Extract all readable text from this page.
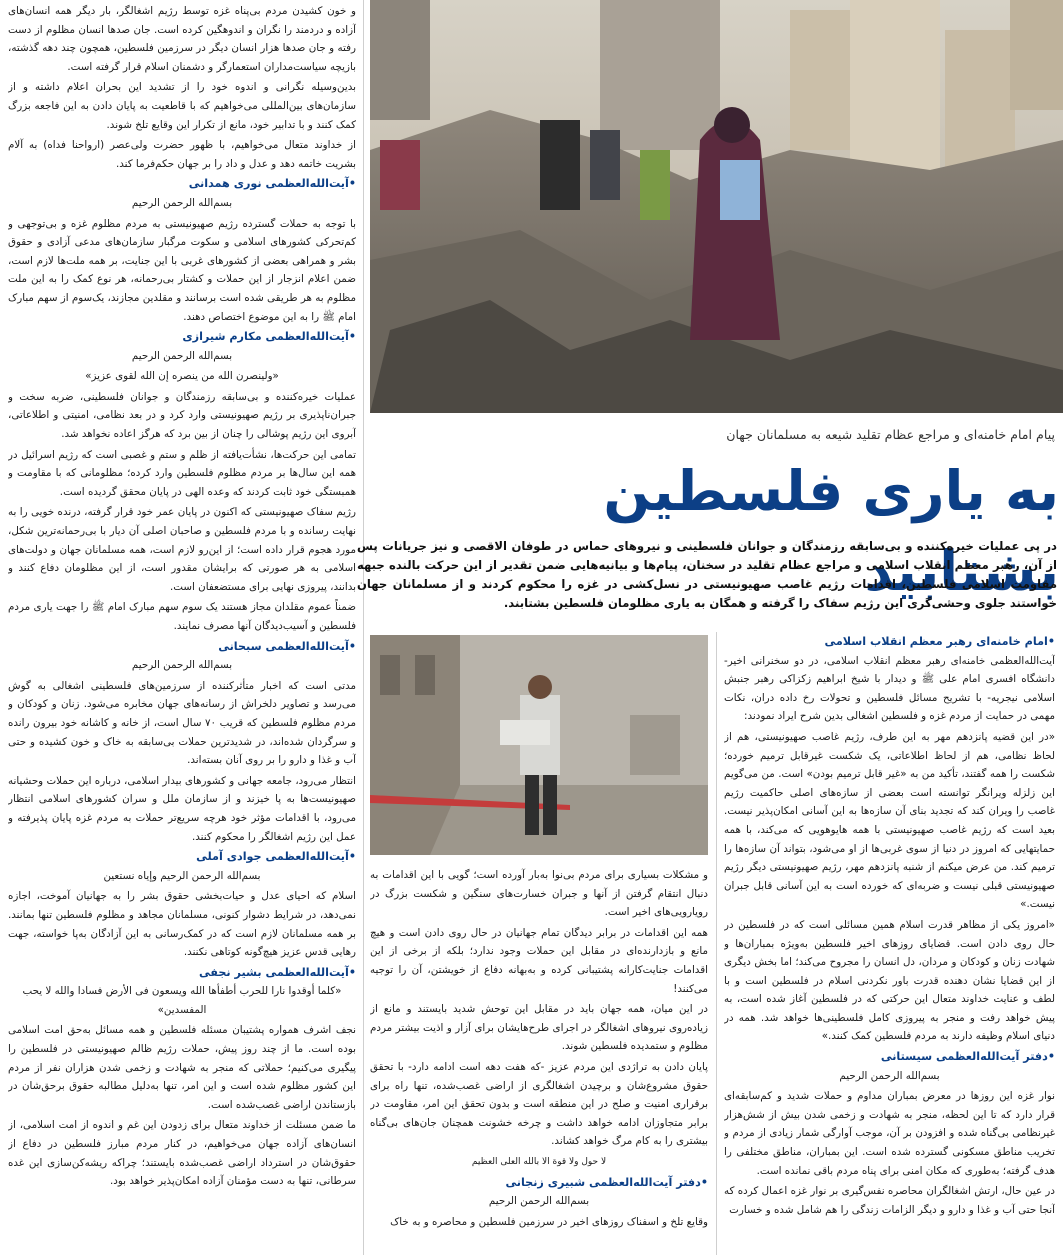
و خون کشیدن مردم بی‌پناه غزه توسط رژیم اشغالگر، بار دیگر همه انسان‌های آزاده و دردمند را نگران و اندوهگین کرده است. جان صدها انسان مظلوم از دست رفته و جان صدها هزار انسان دیگر در سرزمین فلسطین، همچون چند دهه گذشته، بازیچه سیاست‌مداران استعمارگر و دشمنان اسلام قرار گرفته است.

بدین‌وسیله نگرانی و اندوه خود را از تشدید این بحران اعلام داشته و از سازمان‌های بین‌المللی می‌خواهیم که با قاطعیت به پایان دادن به این فاجعه بزرگ کمک کنند و با تدابیر خود، مانع از تکرار این وقایع تلخ شوند.

از خداوند متعال می‌خواهیم، با ظهور حضرت ولی‌عصر (ارواحنا فداه) به آلام بشریت خاتمه دهد و عدل و داد را بر جهان حکم‌فرما کند.

• آیت‌الله‌العظمی نوری همدانی

بسم‌الله الرحمن الرحیم

با توجه به حملات گسترده رژیم صهیونیستی به مردم مظلوم غزه و بی‌توجهی و کم‌تحرکی کشورهای اسلامی و سکوت مرگبار سازمان‌های مدعی آزادی و حقوق بشر و همراهی بعضی از کشورهای غربی با این جنایت، بر همه ملت‌ها لازم است، ضمن اعلام انزجار از این حملات و کشتار بی‌رحمانه، هر نوع کمک را به این ملت مظلوم به هر طریقی شده است برسانند و مقلدین مجازند، یک‌سوم از سهم مبارک امام ﷺ را به این موضوع اختصاص دهند.

• آیت‌الله‌العظمی مکارم شیرازی

بسم‌الله الرحمن الرحیم

«ولینصرن الله من ینصره إن الله لقوی عزیز»

عملیات خیره‌کننده و بی‌سابقه رزمندگان و جوانان فلسطینی، ضربه سخت و جبران‌ناپذیری بر رژیم صهیونیستی وارد کرد و در بعد نظامی، امنیتی و اطلاعاتی، آبروی این رژیم پوشالی را چنان از بین برد که هرگز اعاده نخواهد شد.

تمامی این حرکت‌ها، نشأت‌یافته از ظلم و ستم و غصبی است که رژیم اسرائیل در همه این سال‌ها بر مردم مظلوم فلسطین وارد کرده؛ مظلومانی که با مقاومت و همبستگی خود ثابت کردند که وعده الهی در پایان محقق گردیده است.

رژیم سفاک صهیونیستی که اکنون در پایان عمر خود قرار گرفته، درنده خویی را به نهایت رسانده و با مردم فلسطین و صاحبان اصلی آن دیار با بی‌رحمانه‌ترین شکل، مورد هجوم قرار داده است؛ از این‌رو لازم است، همه مسلمانان جهان و دولت‌های اسلامی به هر صورتی که برایشان مقدور است، از این مظلومان دفاع کنند و بدانند، پیروزی نهایی برای مستضعفان است.

ضمناً عموم مقلدان مجاز هستند یک سوم سهم مبارک امام ﷺ را جهت یاری مردم فلسطین و آسیب‌دیدگان آنها مصرف نمایند.

• آیت‌الله‌العظمی سبحانی

بسم‌الله الرحمن الرحیم

مدتی است که اخبار متأثرکننده از سرزمین‌های فلسطینی اشغالی به گوش می‌رسد و تصاویر دلخراش از رسانه‌های جهان مخابره می‌شود. زنان و کودکان و مردم مظلوم فلسطین که قریب ۷۰ سال است، از خانه و کاشانه خود بیرون رانده و سرگردان شده‌اند، در شدیدترین حملات بی‌سابقه به خاک و خون کشیده و حتی آب و غذا و دارو را بر روی آنان بسته‌اند.

انتظار می‌رود، جامعه جهانی و کشورهای بیدار اسلامی، درباره این حملات وحشیانه صهیونیست‌ها به پا خیزند و از سازمان ملل و سران کشورهای اسلامی انتظار می‌رود، با اقدامات مؤثر خود هرچه سریع‌تر حملات به مردم غزه پایان پذیرفته و عمل این رژیم اشغالگر را محکوم کنند.

• آیت‌الله‌العظمی جوادی آملی

بسم‌الله الرحمن الرحیم وإیاه نستعین

اسلام که احیای عدل و حیات‌بخشی حقوق بشر را به جهانیان آموخت، اجازه نمی‌دهد، در شرایط دشوار کنونی، مسلمانان مجاهد و مظلوم فلسطین تنها بمانند. بر همه مسلمانان لازم است که در کمک‌رسانی به این آزادگان به‌پا خواسته، جهت رهایی قدس عزیز هیچ‌گونه کوتاهی نکنند.

• آیت‌الله‌العظمی بشیر نجفی

«کلما أوقدوا نارا للحرب أطفأها الله ویسعون فی الأرض فسادا والله لا یحب المفسدین»

نجف اشرف همواره پشتیبان مسئله فلسطین و همه مسائل به‌حق امت اسلامی بوده است. ما از چند روز پیش، حملات رژیم ظالم صهیونیستی در فلسطین را پیگیری می‌کنیم؛ حملاتی که منجر به شهادت و زخمی شدن هزاران نفر از مردم این کشور مظلوم شده است و این امر، تنها به‌دلیل مطالبه حقوق برحق‌شان در بازستاندن اراضی غصب‌شده است.

ما ضمن مسئلت از خداوند متعال برای زدودن این غم و اندوه از امت اسلامی، از انسان‌های آزاده جهان می‌خواهیم، در کنار مردم مبارز فلسطین در دفاع از حقوق‌شان در استرداد اراضی غصب‌شده بایستند؛ چراکه ریشه‌کن‌سازی این غده سرطانی، تنها به دست مؤمنان آزاده امکان‌پذیر خواهد بود.

پیام امام خامنه‌ای و مراجع عظام تقلید شیعه به مسلمانان جهان
به یاری فلسطین بشتابید

در پی عملیات خیره‌کننده و بی‌سابقه رزمندگان و جوانان فلسطینی و نیروهای حماس در طوفان الاقصی و نیز جریانات پس از آن، رهبر معظم انقلاب اسلامی و مراجع عظام تقلید در سخنان، پیام‌ها و بیانیه‌هایی ضمن تقدیر از این حرکت بالنده جبهه مقاومت اسلامی فلسطین، اقدامات رژیم غاصب صهیونیستی در نسل‌کشی در غزه را محکوم کردند و از مسلمانان جهان خواستند جلوی وحشی‌گری این رژیم سفاک را گرفته و همگان به یاری مظلومان فلسطین بشتابند.

و مشکلات بسیاری برای مردم بی‌نوا به‌بار آورده است؛ گویی با این اقدامات به دنبال انتقام گرفتن از آنها و جبران خسارت‌های سنگین و شکست بزرگ در رویارویی‌های اخیر است.

همه این اقدامات در برابر دیدگان تمام جهانیان در حال روی دادن است و هیچ مانع و بازدارنده‌ای در مقابل این حملات وجود ندارد؛ بلکه از برخی از این اقدامات جنایت‌کارانه پشتیبانی کرده و به‌بهانه دفاع از خویشتن، آن را توجیه می‌کنند!

در این میان، همه جهان باید در مقابل این توحش شدید بایستند و مانع از زیاده‌روی نیروهای اشغالگر در اجرای طرح‌هایشان برای آزار و اذیت بیشتر مردم مظلوم و ستمدیده فلسطین شوند.

پایان دادن به تراژدی این مردم عزیز -که هفت دهه است ادامه دارد- با تحقق حقوق مشروع‌شان و برچیدن اشغالگری از اراضی غصب‌شده، تنها راه برای برقراری امنیت و صلح در این منطقه است و بدون تحقق این امر، مقاومت در برابر متجاوزان ادامه خواهد داشت و چرخه خشونت همچنان جان‌های بی‌گناه بیشتری را به کام مرگ خواهد کشاند.

لا حول ولا قوة الا بالله العلی العظیم

• دفتر آیت‌الله‌العظمی شبیری زنجانی

بسم‌الله الرحمن الرحیم

وقایع تلخ و اسفناک روزهای اخیر در سرزمین فلسطین و محاصره و به خاک

• امام خامنه‌ای رهبر معظم انقلاب اسلامی

آیت‌الله‌العظمی خامنه‌ای رهبر معظم انقلاب اسلامی، در دو سخنرانی اخیر- دانشگاه افسری امام علی ﷺ و دیدار با شیخ ابراهیم زکزاکی رهبر جنبش اسلامی نیجریه- با تشریح مسائل فلسطین و تحولات رخ داده دران، نکات مهمی در حمایت از مردم غزه و فلسطین اشغالی بدین شرح ایراد نمودند:

«در این قضیه پانزدهم مهر به این طرف، رژیم غاصب صهیونیستی، هم از لحاظ نظامی، هم از لحاظ اطلاعاتی، یک شکست غیرقابل ترمیم خورده؛ شکست را همه گفتند، تأکید من به «غیر قابل ترمیم بودن» است. من می‌گویم این زلزله ویرانگر توانسته است بعضی از سازه‌های اصلی حاکمیت رژیم غاصب را ویران کند که تجدید بنای آن سازه‌ها به این آسانی امکان‌پذیر نیست. بعید است که رژیم غاصب صهیونیستی با همه هایوهویی که می‌کند، با همه حمایتهایی که امروز در دنیا از سوی غربی‌ها از او می‌شود، بتواند آن سازه‌ها را ترمیم کند. من عرض میکنم از شنبه پانزدهم مهر، رژیم صهیونیستی دیگر رژیم صهیونیستی قبلی نیست و ضربه‌ای که خورده است به این آسانی قابل جبران نیست.»

«امروز یکی از مظاهر قدرت اسلام همین مسائلی است که در فلسطین در حال روی دادن است. قضایای روزهای اخیر فلسطین به‌ویژه بمباران‌ها و شهادت زنان و کودکان و مردان، دل انسان را مجروح می‌کند؛ اما بخش دیگری از این قضایا نشان دهنده قدرت باور نکردنی اسلام در فلسطین است و با لطف و عنایت خداوند متعال این حرکتی که در فلسطین آغاز شده است، به پیش خواهد رفت و منجر به پیروزی کامل فلسطینی‌ها خواهد شد. همه در دنیای اسلام وظیفه دارند به مردم فلسطین کمک کنند.»

• دفتر آیت‌الله‌العظمی سیستانی

بسم‌الله الرحمن الرحیم

نوار غزه این روزها در معرض بمباران مداوم و حملات شدید و کم‌سابقه‌ای قرار دارد که تا این لحظه، منجر به شهادت و زخمی شدن بیش از شش‌هزار غیرنظامی بی‌گناه شده و افزودن بر آن، موجب آوارگی شمار زیادی از مردم و تخریب مناطق مسکونی گسترده شده است. این بمباران، مناطق مختلفی را هدف گرفته؛ به‌طوری که مکان امنی برای پناه مردم باقی نمانده است.

در عین حال، ارتش اشغالگران محاصره نفس‌گیری بر نوار غزه اعمال کرده که آنجا حتی آب و غذا و دارو و دیگر الزامات زندگی را هم شامل شده و خسارت
